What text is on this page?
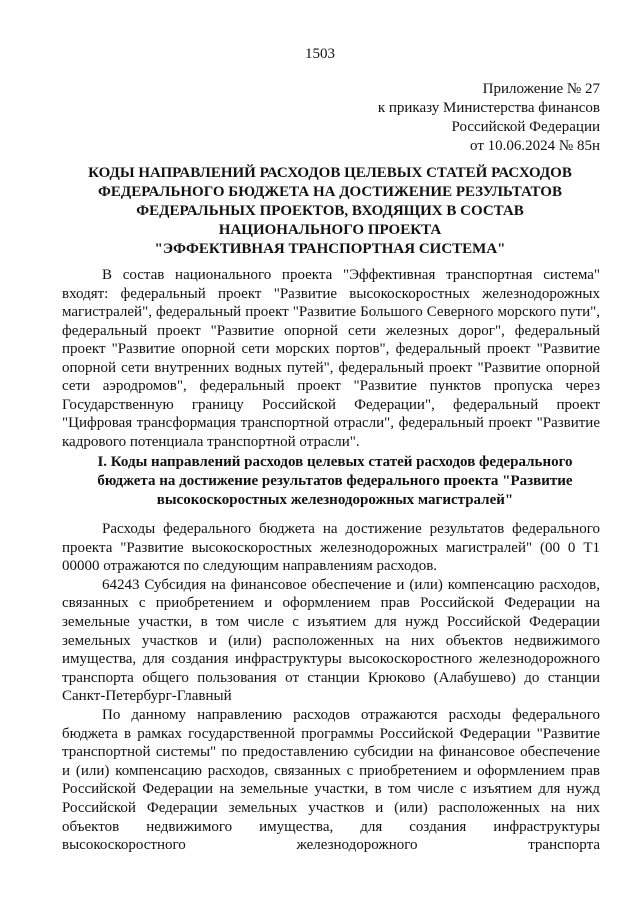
1503
Приложение № 27
к приказу Министерства финансов
Российской Федерации
от 10.06.2024 № 85н
КОДЫ НАПРАВЛЕНИЙ РАСХОДОВ ЦЕЛЕВЫХ СТАТЕЙ РАСХОДОВ
ФЕДЕРАЛЬНОГО БЮДЖЕТА НА ДОСТИЖЕНИЕ РЕЗУЛЬТАТОВ
ФЕДЕРАЛЬНЫХ ПРОЕКТОВ, ВХОДЯЩИХ В СОСТАВ
НАЦИОНАЛЬНОГО ПРОЕКТА
"ЭФФЕКТИВНАЯ ТРАНСПОРТНАЯ СИСТЕМА"

В состав национального проекта "Эффективная транспортная система" входят: федеральный проект "Развитие высокоскоростных железнодорожных магистралей", федеральный проект "Развитие Большого Северного морского пути", федеральный проект "Развитие опорной сети железных дорог", федеральный проект "Развитие опорной сети морских портов", федеральный проект "Развитие опорной сети внутренних водных путей", федеральный проект "Развитие опорной сети аэродромов", федеральный проект "Развитие пунктов пропуска через Государственную границу Российской Федерации", федеральный проект "Цифровая трансформация транспортной отрасли", федеральный проект "Развитие кадрового потенциала транспортной отрасли".

I. Коды направлений расходов целевых статей расходов федерального
бюджета на достижение результатов федерального проекта "Развитие
высокоскоростных железнодорожных магистралей"

Расходы федерального бюджета на достижение результатов федерального проекта "Развитие высокоскоростных железнодорожных магистралей" (00 0 Т1 00000 отражаются по следующим направлениям расходов.

64243 Субсидия на финансовое обеспечение и (или) компенсацию расходов, связанных с приобретением и оформлением прав Российской Федерации на земельные участки, в том числе с изъятием для нужд Российской Федерации земельных участков и (или) расположенных на них объектов недвижимого имущества, для создания инфраструктуры высокоскоростного железнодорожного транспорта общего пользования от станции Крюково (Алабушево) до станции Санкт-Петербург-Главный

По данному направлению расходов отражаются расходы федерального бюджета в рамках государственной программы Российской Федерации "Развитие транспортной системы" по предоставлению субсидии на финансовое обеспечение и (или) компенсацию расходов, связанных с приобретением и оформлением прав Российской Федерации на земельные участки, в том числе с изъятием для нужд Российской Федерации земельных участков и (или) расположенных на них объектов недвижимого имущества, для создания инфраструктуры высокоскоростного железнодорожного транспорта
